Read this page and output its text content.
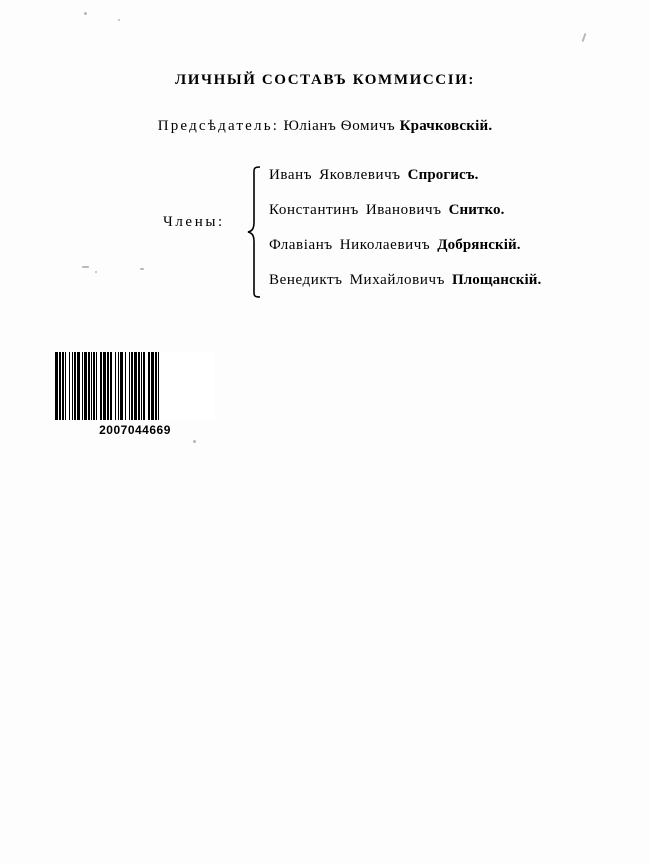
ЛИЧНЫЙ СОСТАВЪ КОММИССІИ:
Предсѣдатель: Юліанъ Ѳомичъ Крачковскій.
Члены:
Иванъ Яковлевичъ Спрогисъ.
Константинъ Ивановичъ Снитко.
Флавіанъ Николаевичъ Добрянскій.
Венедиктъ Михайловичъ Площанскій.
2007044669
